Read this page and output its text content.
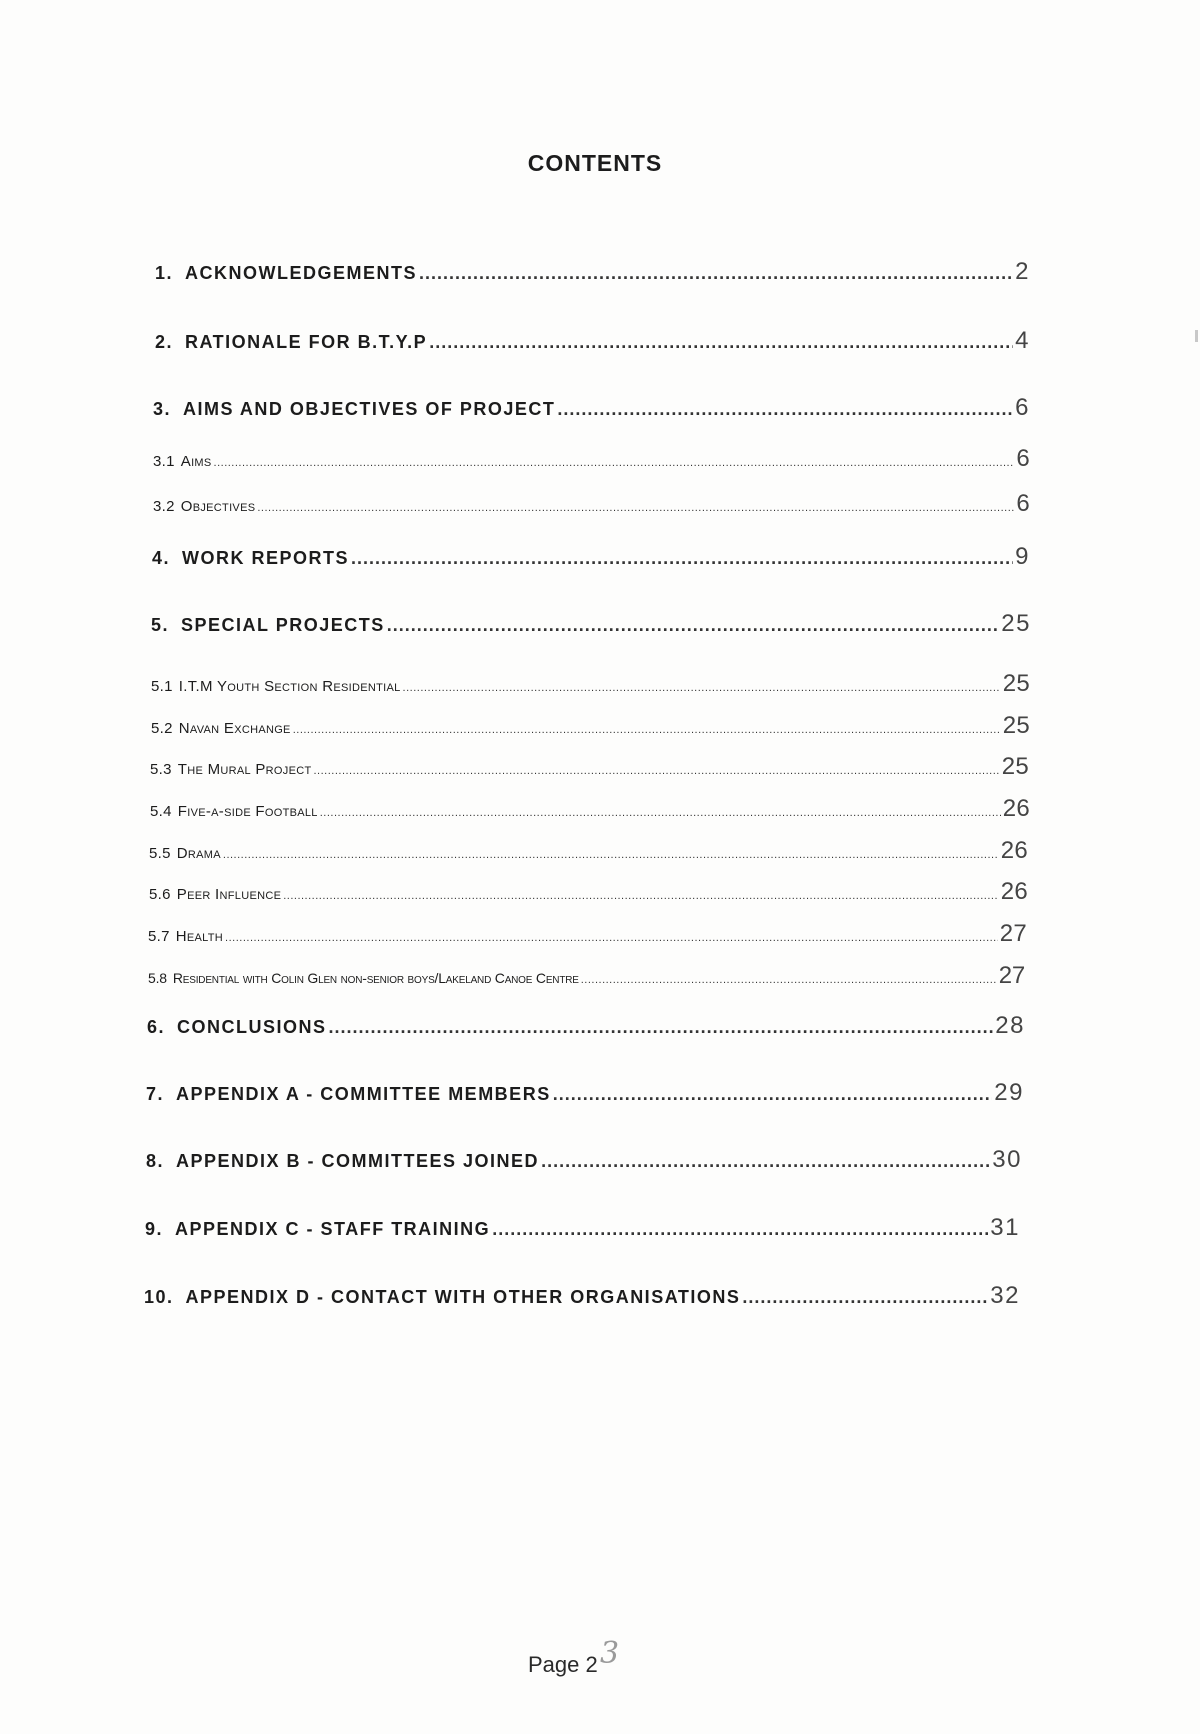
CONTENTS
1. ACKNOWLEDGEMENTS .....	2
2. RATIONALE FOR B.T.Y.P .....	4
3. AIMS AND OBJECTIVES OF PROJECT .....	6
3.1 Aims .....	6
3.2 Objectives .....	6
4. WORK REPORTS .....	9
5. SPECIAL PROJECTS .....	25
5.1 I.T.M Youth Section Residential .....	25
5.2 Navan Exchange .....	25
5.3 The Mural Project .....	25
5.4 Five-a-side Football .....	26
5.5 Drama .....	26
5.6 Peer Influence .....	26
5.7 Health .....	27
5.8 Residential with Colin Glen non-senior boys/Lakeland Canoe Centre .....	27
6. CONCLUSIONS .....	28
7. APPENDIX A - COMMITTEE MEMBERS .....	29
8. APPENDIX B - COMMITTEES JOINED .....	30
9. APPENDIX C - STAFF TRAINING .....	31
10. APPENDIX D - CONTACT WITH OTHER ORGANISATIONS .....	32
Page 2 3
